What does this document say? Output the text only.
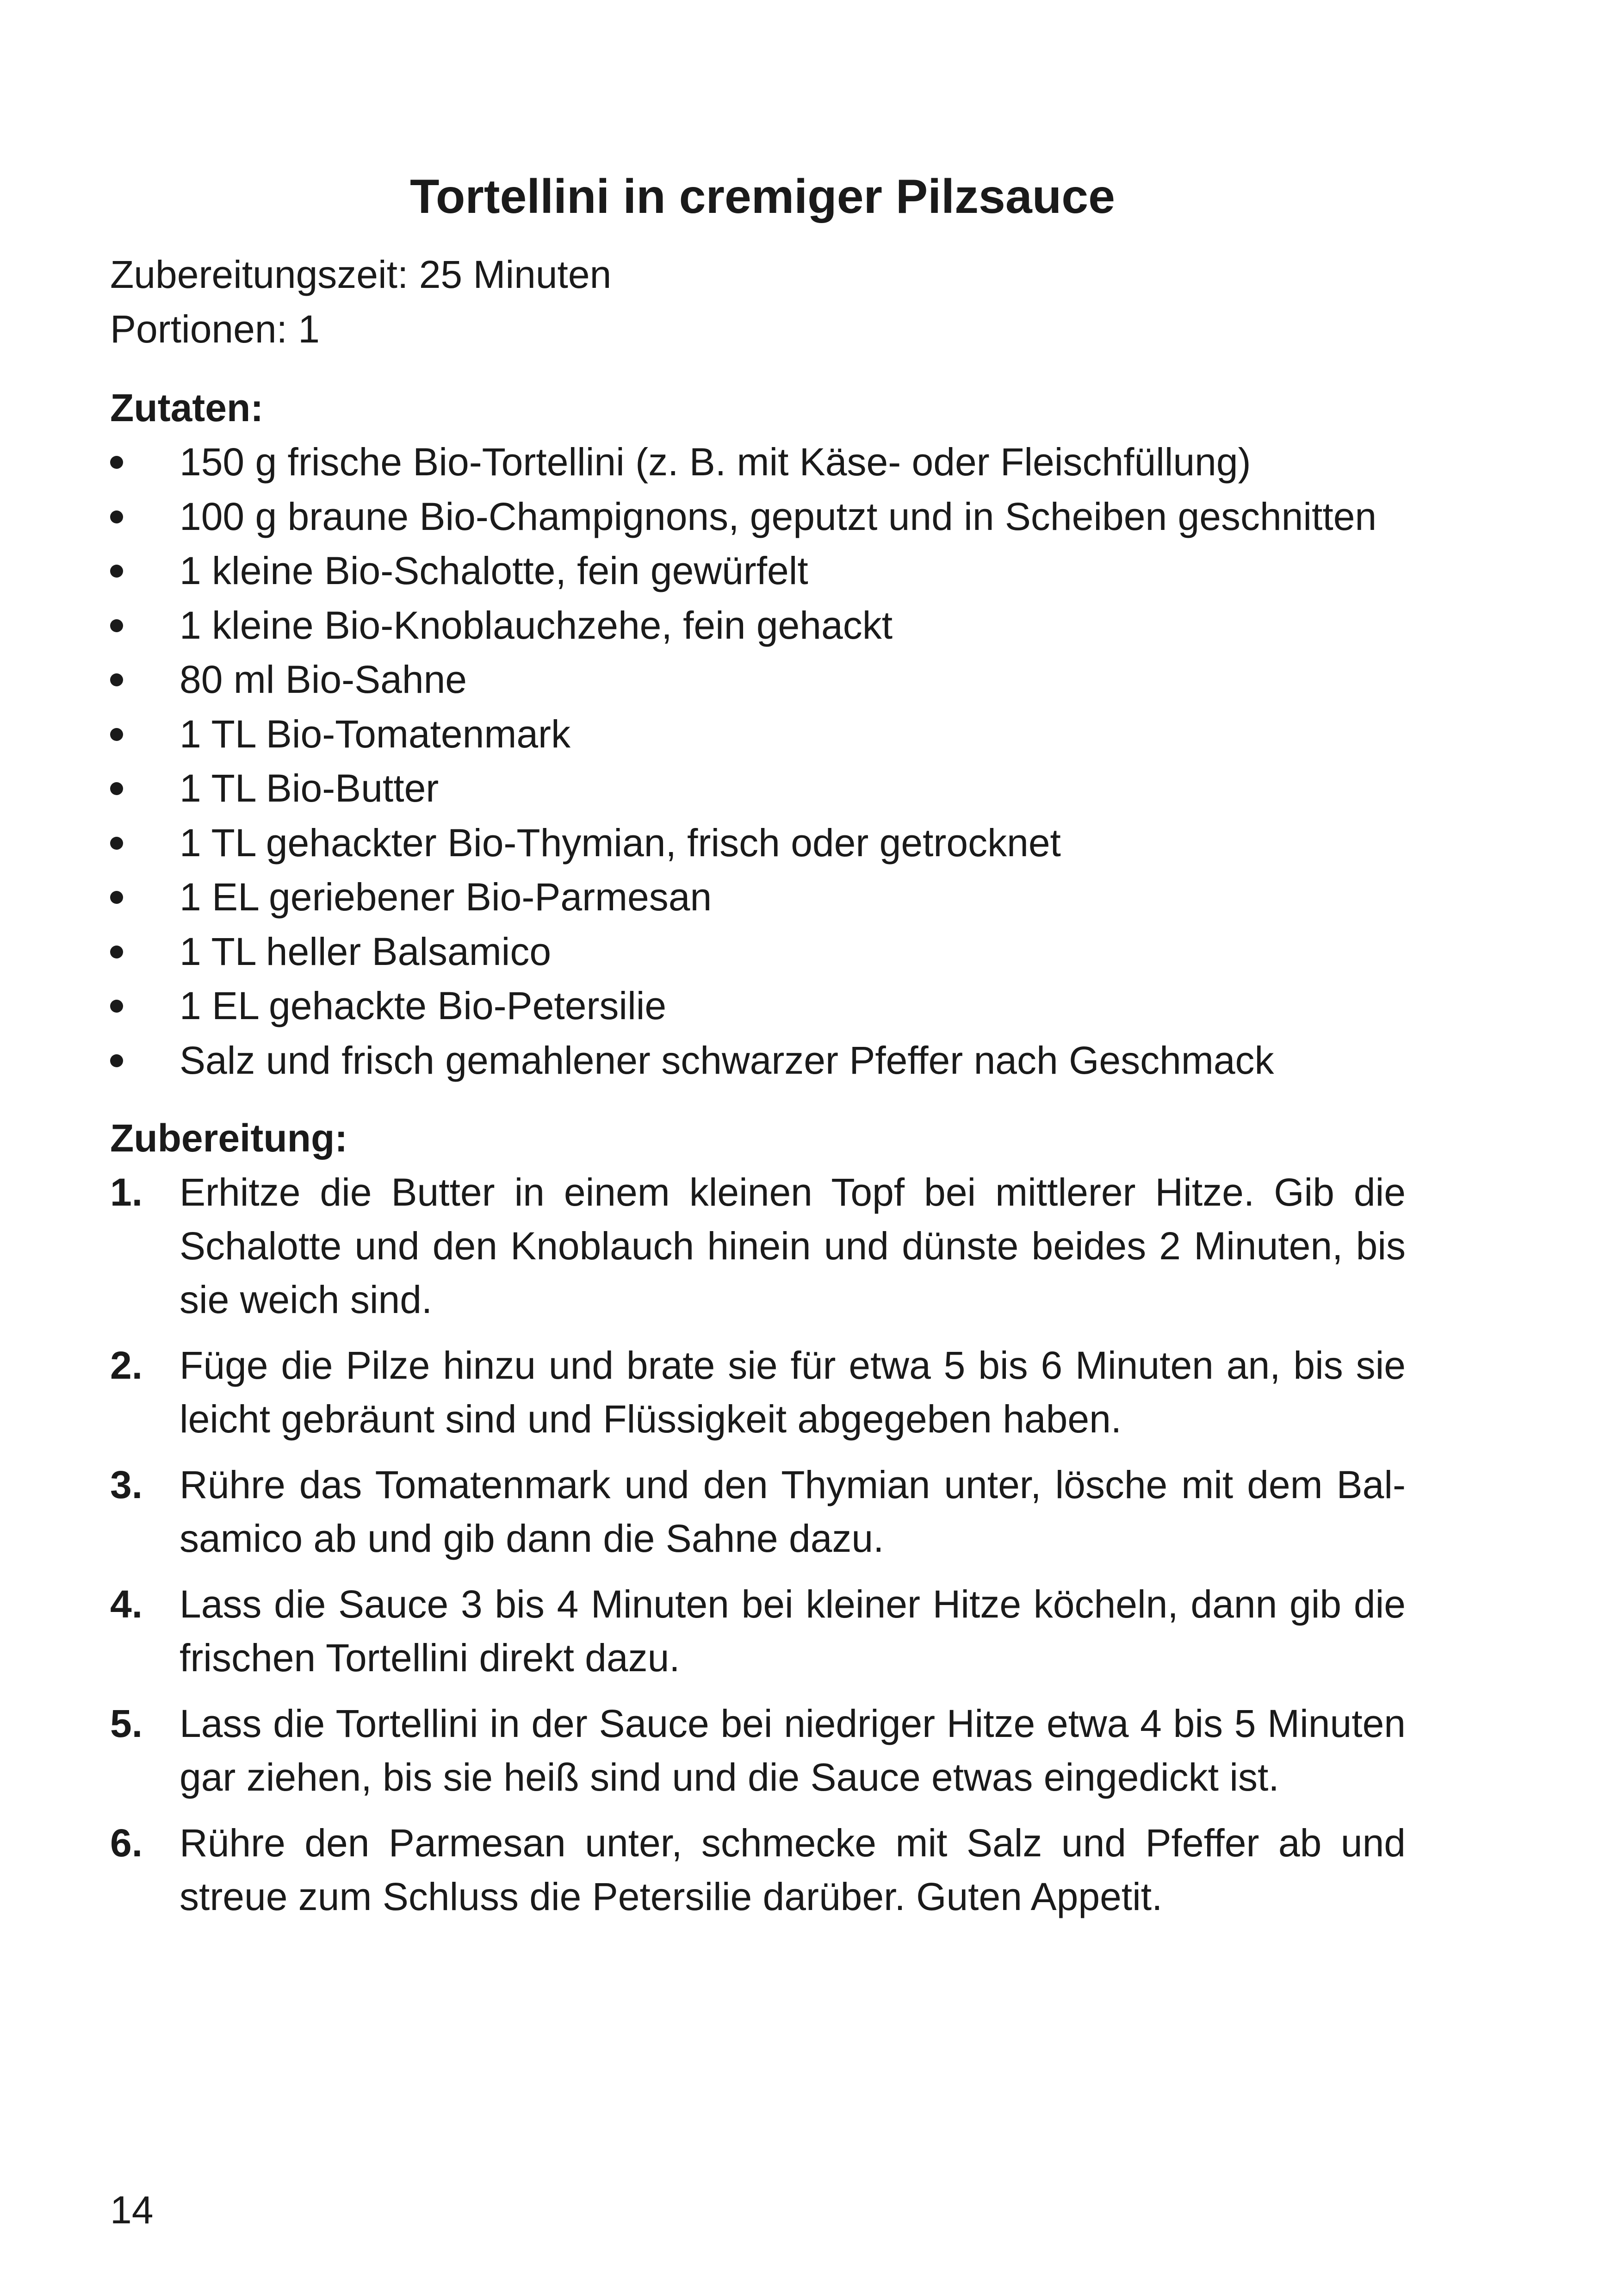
Tortellini in cremiger Pilzsauce

Zubereitungszeit: 25 Minuten

Portionen: 1

Zutaten:
150 g frische Bio-Tortellini (z. B. mit Käse- oder Fleischfüllung)
100 g braune Bio-Champignons, geputzt und in Scheiben geschnitten
1 kleine Bio-Schalotte, fein gewürfelt
1 kleine Bio-Knoblauchzehe, fein gehackt
80 ml Bio-Sahne
1 TL Bio-Tomatenmark
1 TL Bio-Butter
1 TL gehackter Bio-Thymian, frisch oder getrocknet
1 EL geriebener Bio-Parmesan
1 TL heller Balsamico
1 EL gehackte Bio-Petersilie
Salz und frisch gemahlener schwarzer Pfeffer nach Geschmack
Zubereitung:
1. Erhitze die Butter in einem kleinen Topf bei mittlerer Hitze. Gib die Schalotte und den Knoblauch hinein und dünste beides 2 Minuten, bis sie weich sind.
2. Füge die Pilze hinzu und brate sie für etwa 5 bis 6 Minuten an, bis sie leicht gebräunt sind und Flüssigkeit abgegeben haben.
3. Rühre das Tomatenmark und den Thymian unter, lösche mit dem Balsamico ab und gib dann die Sahne dazu.
4. Lass die Sauce 3 bis 4 Minuten bei kleiner Hitze köcheln, dann gib die frischen Tortellini direkt dazu.
5. Lass die Tortellini in der Sauce bei niedriger Hitze etwa 4 bis 5 Minuten gar ziehen, bis sie heiß sind und die Sauce etwas eingedickt ist.
6. Rühre den Parmesan unter, schmecke mit Salz und Pfeffer ab und streue zum Schluss die Petersilie darüber. Guten Appetit.
14
